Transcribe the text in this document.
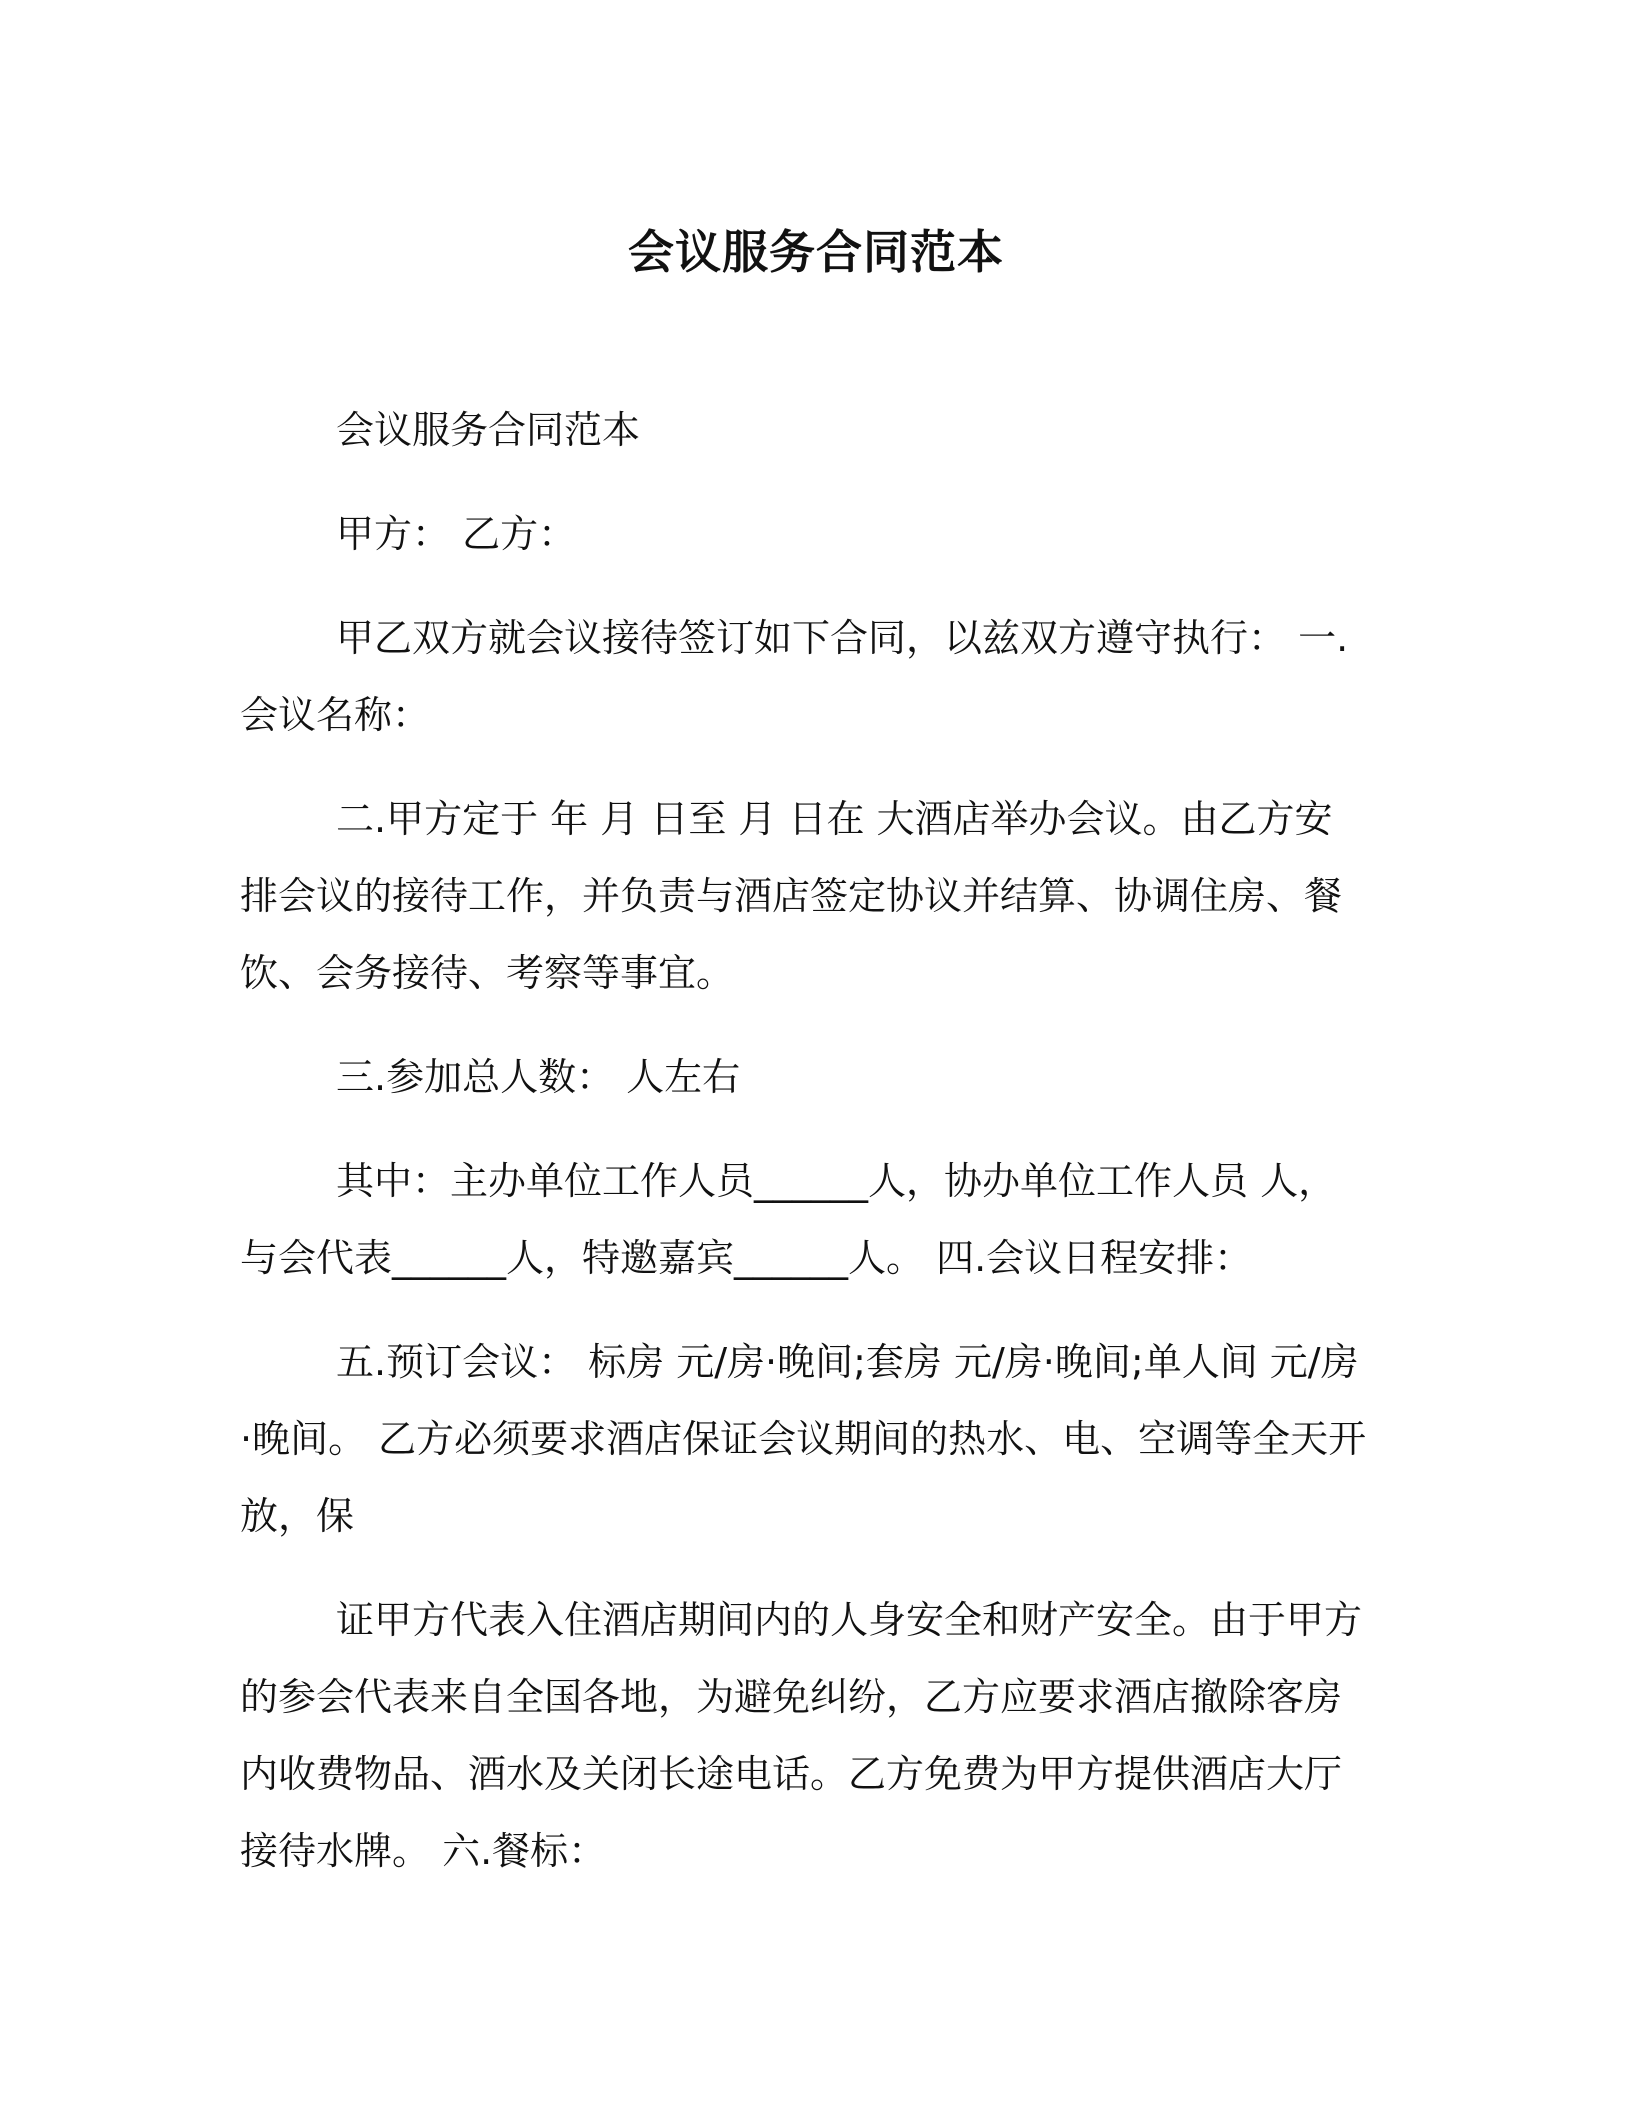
会议服务合同范本

会议服务合同范本

甲方： 乙方：

甲乙双方就会议接待签订如下合同，以兹双方遵守执行： 一.会议名称：

二.甲方定于 年 月 日至 月 日在 大酒店举办会议。由乙方安排会议的接待工作，并负责与酒店签定协议并结算、协调住房、餐饮、会务接待、考察等事宜。

三.参加总人数： 人左右

其中：主办单位工作人员______人，协办单位工作人员 人，与会代表______人，特邀嘉宾______人。 四.会议日程安排：

五.预订会议： 标房 元/房·晚间;套房 元/房·晚间;单人间 元/房·晚间。 乙方必须要求酒店保证会议期间的热水、电、空调等全天开放，保

证甲方代表入住酒店期间内的人身安全和财产安全。由于甲方的参会代表来自全国各地，为避免纠纷，乙方应要求酒店撤除客房内收费物品、酒水及关闭长途电话。乙方免费为甲方提供酒店大厅接待水牌。 六.餐标：
